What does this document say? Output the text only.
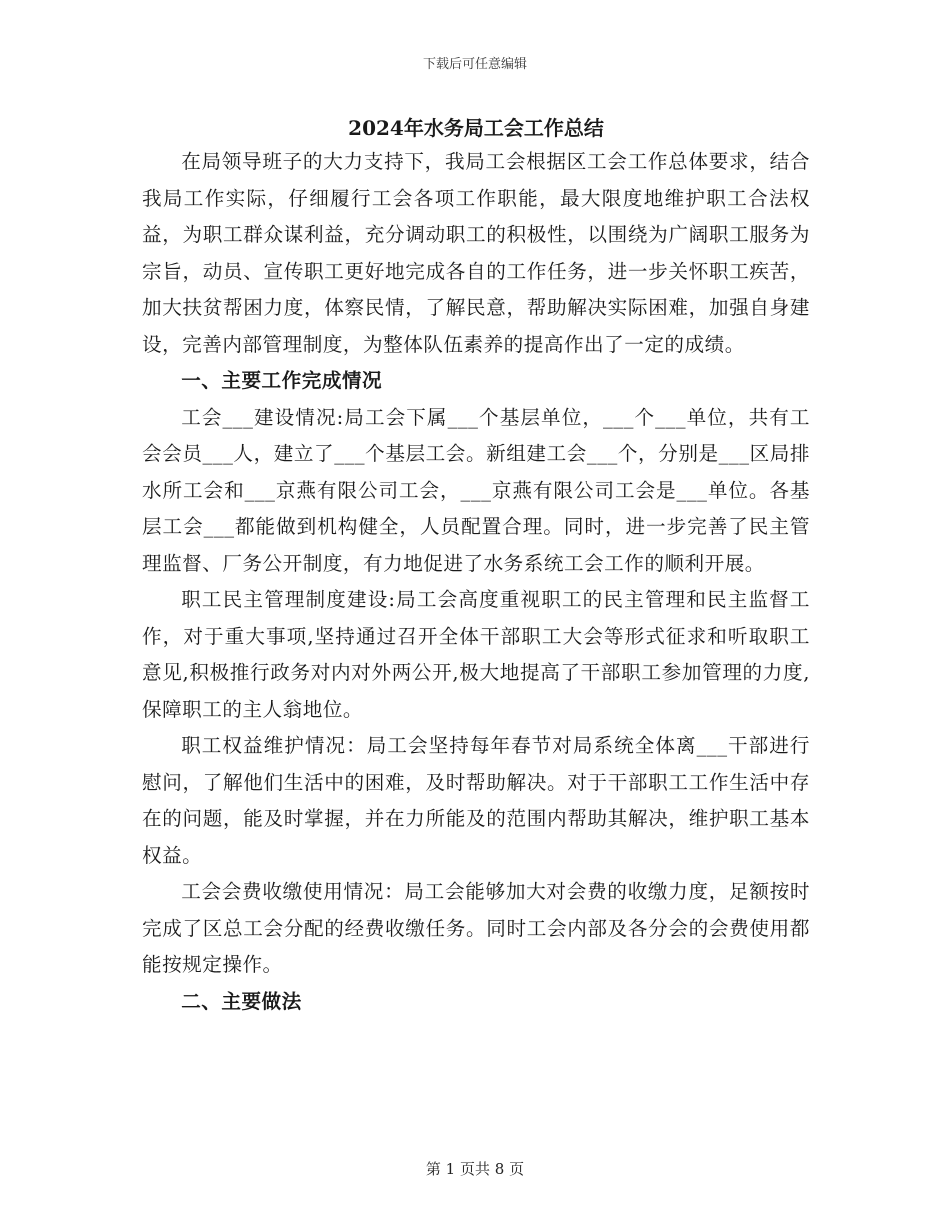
下载后可任意编辑
2024年水务局工会工作总结

在局领导班子的大力支持下，我局工会根据区工会工作总体要求，结合我局工作实际，仔细履行工会各项工作职能，最大限度地维护职工合法权益，为职工群众谋利益，充分调动职工的积极性，以围绕为广阔职工服务为宗旨，动员、宣传职工更好地完成各自的工作任务，进一步关怀职工疾苦，加大扶贫帮困力度，体察民情，了解民意，帮助解决实际困难，加强自身建设，完善内部管理制度，为整体队伍素养的提高作出了一定的成绩。

一、主要工作完成情况

工会___建设情况:局工会下属___个基层单位，___个___单位，共有工会会员___人，建立了___个基层工会。新组建工会___个，分别是___区局排水所工会和___京燕有限公司工会，___京燕有限公司工会是___单位。各基层工会___都能做到机构健全，人员配置合理。同时，进一步完善了民主管理监督、厂务公开制度，有力地促进了水务系统工会工作的顺利开展。

职工民主管理制度建设:局工会高度重视职工的民主管理和民主监督工作，对于重大事项,坚持通过召开全体干部职工大会等形式征求和听取职工意见,积极推行政务对内对外两公开,极大地提高了干部职工参加管理的力度,保障职工的主人翁地位。

职工权益维护情况：局工会坚持每年春节对局系统全体离___干部进行慰问，了解他们生活中的困难，及时帮助解决。对于干部职工工作生活中存在的问题，能及时掌握，并在力所能及的范围内帮助其解决，维护职工基本权益。

工会会费收缴使用情况：局工会能够加大对会费的收缴力度，足额按时完成了区总工会分配的经费收缴任务。同时工会内部及各分会的会费使用都能按规定操作。

二、主要做法

第 1 页共 8 页
